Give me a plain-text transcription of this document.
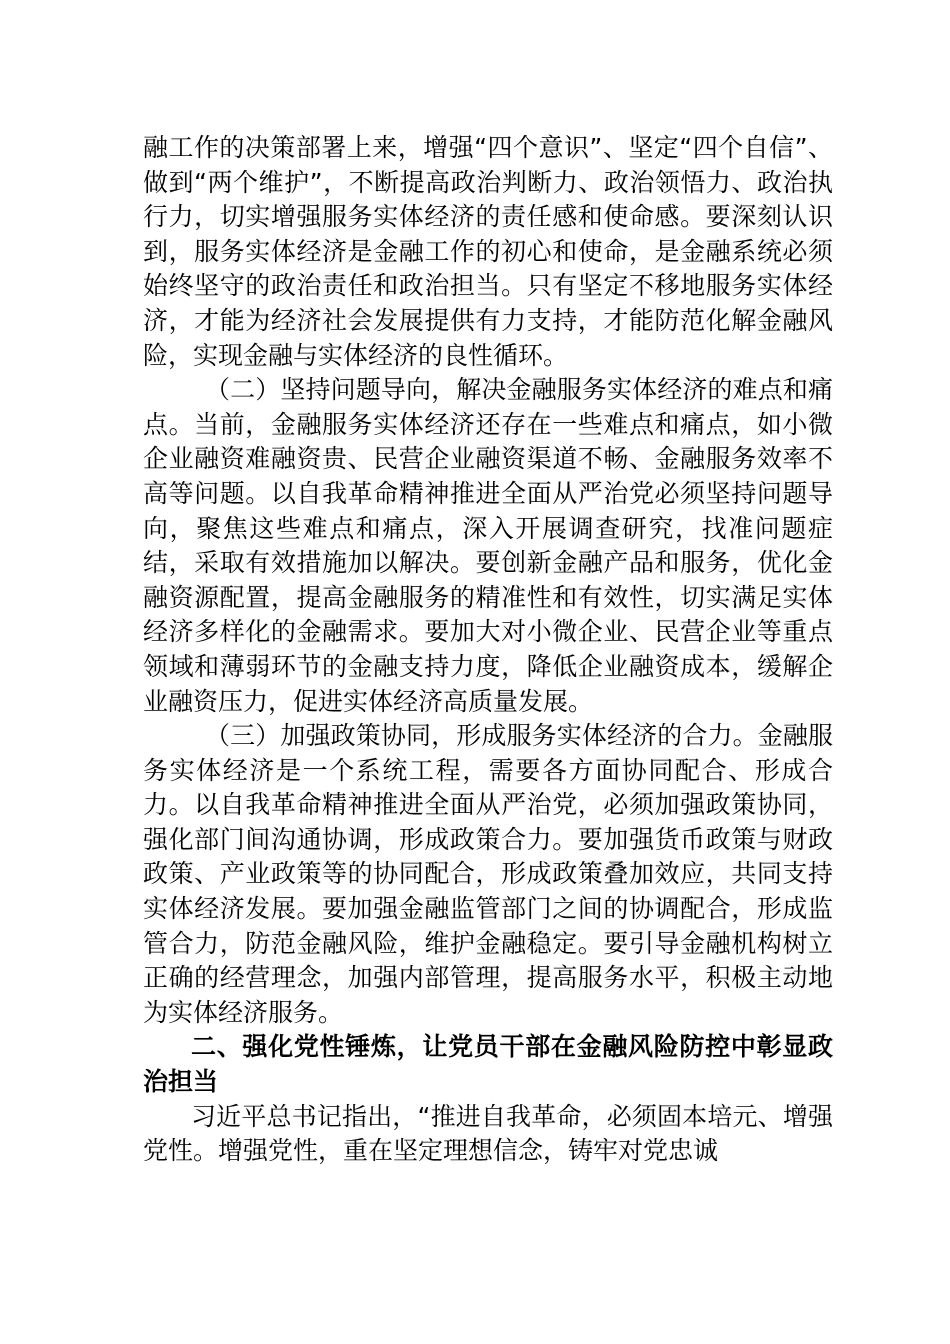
融工作的决策部署上来，增强“四个意识”、坚定“四个自信”、做到“两个维护”，不断提高政治判断力、政治领悟力、政治执行力，切实增强服务实体经济的责任感和使命感。要深刻认识到，服务实体经济是金融工作的初心和使命，是金融系统必须始终坚守的政治责任和政治担当。只有坚定不移地服务实体经济，才能为经济社会发展提供有力支持，才能防范化解金融风险，实现金融与实体经济的良性循环。

（二）坚持问题导向，解决金融服务实体经济的难点和痛点。当前，金融服务实体经济还存在一些难点和痛点，如小微企业融资难融资贵、民营企业融资渠道不畅、金融服务效率不高等问题。以自我革命精神推进全面从严治党必须坚持问题导向，聚焦这些难点和痛点，深入开展调查研究，找准问题症结，采取有效措施加以解决。要创新金融产品和服务，优化金融资源配置，提高金融服务的精准性和有效性，切实满足实体经济多样化的金融需求。要加大对小微企业、民营企业等重点领域和薄弱环节的金融支持力度，降低企业融资成本，缓解企业融资压力，促进实体经济高质量发展。

（三）加强政策协同，形成服务实体经济的合力。金融服务实体经济是一个系统工程，需要各方面协同配合、形成合力。以自我革命精神推进全面从严治党，必须加强政策协同，强化部门间沟通协调，形成政策合力。要加强货币政策与财政政策、产业政策等的协同配合，形成政策叠加效应，共同支持实体经济发展。要加强金融监管部门之间的协调配合，形成监管合力，防范金融风险，维护金融稳定。要引导金融机构树立正确的经营理念，加强内部管理，提高服务水平，积极主动地为实体经济服务。

二、强化党性锤炼，让党员干部在金融风险防控中彰显政治担当

习近平总书记指出，“推进自我革命，必须固本培元、增强党性。增强党性，重在坚定理想信念，铸牢对党忠诚
